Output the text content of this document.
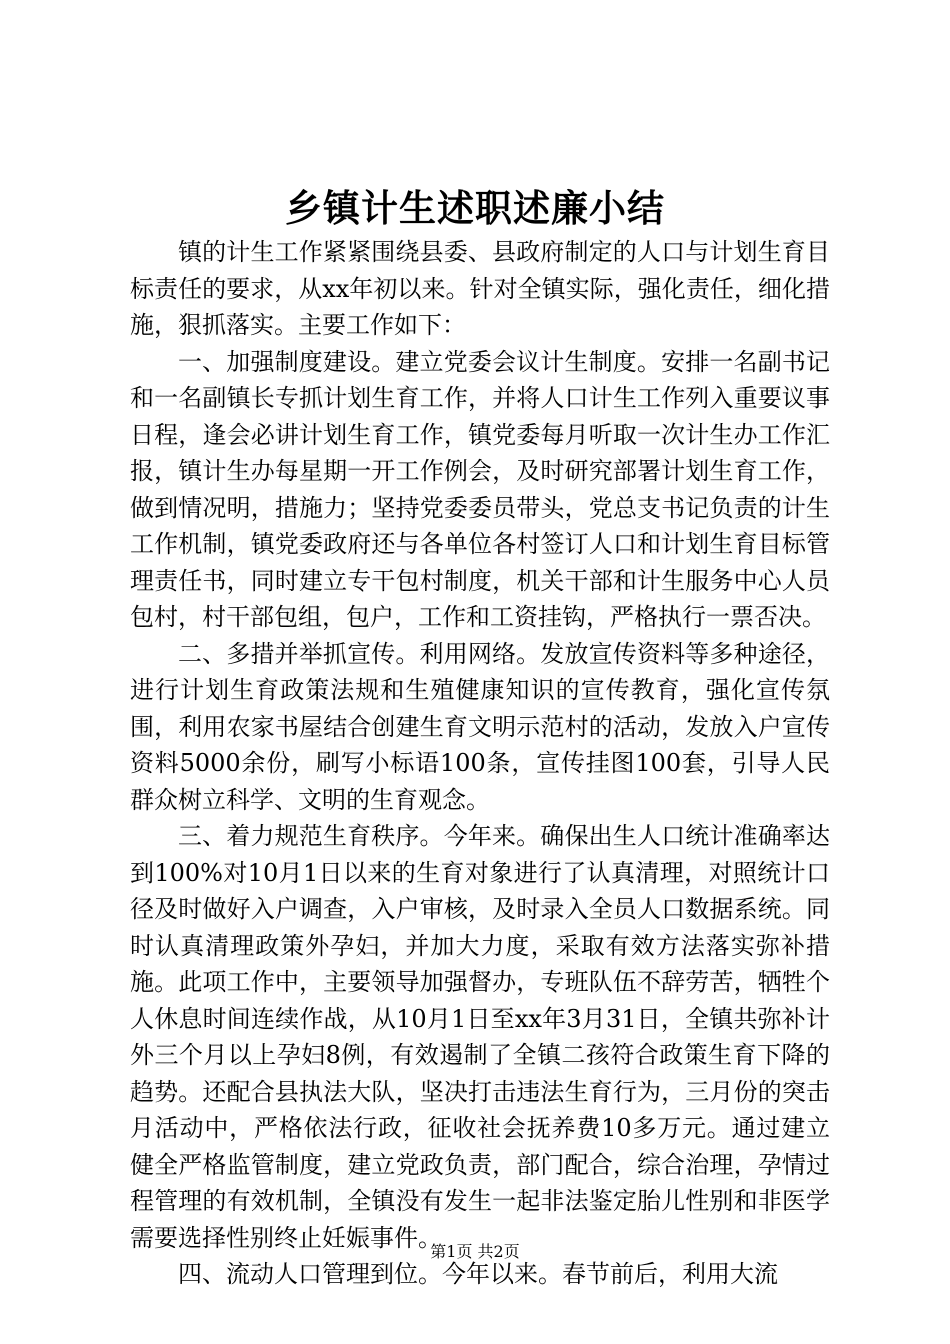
乡镇计生述职述廉小结

镇的计生工作紧紧围绕县委、县政府制定的人口与计划生育目标责任的要求，从xx年初以来。针对全镇实际，强化责任，细化措施，狠抓落实。主要工作如下：

一、加强制度建设。建立党委会议计生制度。安排一名副书记和一名副镇长专抓计划生育工作，并将人口计生工作列入重要议事日程，逢会必讲计划生育工作，镇党委每月听取一次计生办工作汇报，镇计生办每星期一开工作例会，及时研究部署计划生育工作，做到情况明，措施力；坚持党委委员带头，党总支书记负责的计生工作机制，镇党委政府还与各单位各村签订人口和计划生育目标管理责任书，同时建立专干包村制度，机关干部和计生服务中心人员包村，村干部包组，包户，工作和工资挂钩，严格执行一票否决。

二、多措并举抓宣传。利用网络。发放宣传资料等多种途径，进行计划生育政策法规和生殖健康知识的宣传教育，强化宣传氛围，利用农家书屋结合创建生育文明示范村的活动，发放入户宣传资料5000余份，刷写小标语100条，宣传挂图100套，引导人民群众树立科学、文明的生育观念。

三、着力规范生育秩序。今年来。确保出生人口统计准确率达到100%对10月1日以来的生育对象进行了认真清理，对照统计口径及时做好入户调查，入户审核，及时录入全员人口数据系统。同时认真清理政策外孕妇，并加大力度，采取有效方法落实弥补措施。此项工作中，主要领导加强督办，专班队伍不辞劳苦，牺牲个人休息时间连续作战，从10月1日至xx年3月31日，全镇共弥补计外三个月以上孕妇8例，有效遏制了全镇二孩符合政策生育下降的趋势。还配合县执法大队，坚决打击违法生育行为，三月份的突击月活动中，严格依法行政，征收社会抚养费10多万元。通过建立健全严格监管制度，建立党政负责，部门配合，综合治理，孕情过程管理的有效机制，全镇没有发生一起非法鉴定胎儿性别和非医学需要选择性别终止妊娠事件。

四、流动人口管理到位。今年以来。春节前后，利用大流

第1页 共2页
